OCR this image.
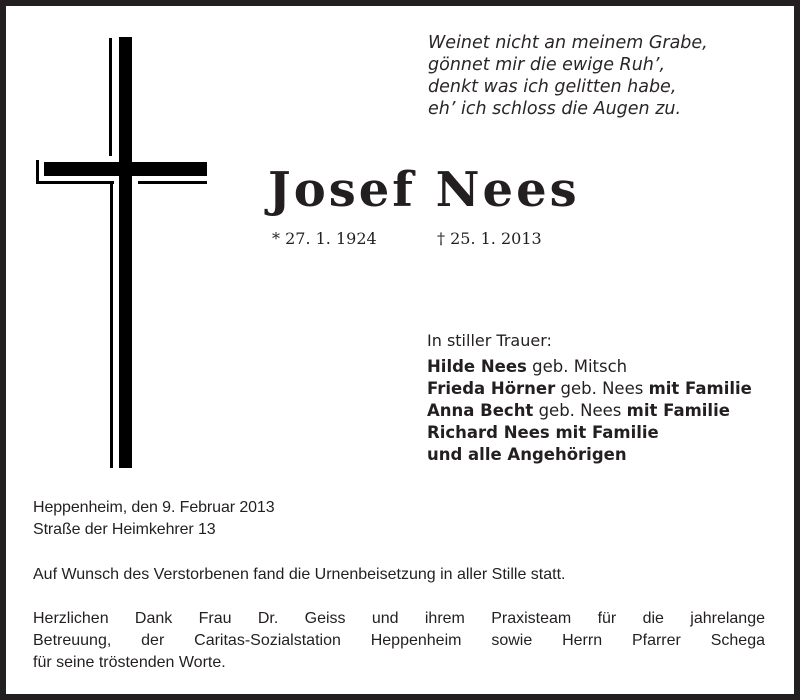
Weinet nicht an meinem Grabe,
gönnet mir die ewige Ruh’,
denkt was ich gelitten habe,
eh’ ich schloss die Augen zu.
Josef Nees
* 27. 1. 1924	† 25. 1. 2013
In stiller Trauer:
Hilde Nees geb. Mitsch
Frieda Hörner geb. Nees mit Familie
Anna Becht geb. Nees mit Familie
Richard Nees mit Familie
und alle Angehörigen
Heppenheim, den 9. Februar 2013
Straße der Heimkehrer 13
Auf Wunsch des Verstorbenen fand die Urnenbeisetzung in aller Stille statt.
Herzlichen Dank Frau Dr. Geiss und ihrem Praxisteam für die jahrelange
Betreuung, der Caritas-Sozialstation Heppenheim sowie Herrn Pfarrer Schega
für seine tröstenden Worte.
